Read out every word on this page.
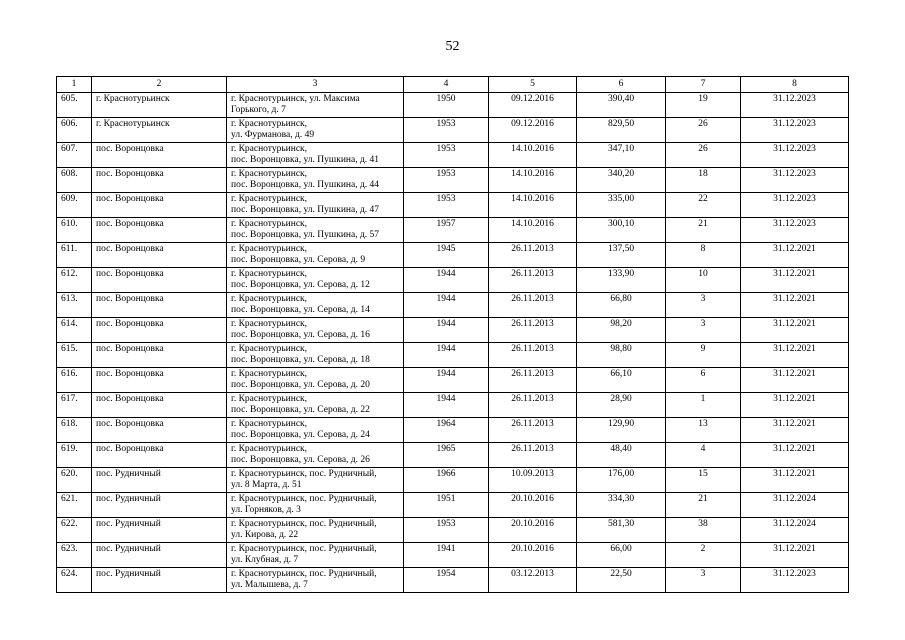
52
1	2	3	4	5	6	7	8
605.	г. Краснотурьинск	г. Краснотурьинск, ул. Максима
Горького, д. 7	1950	09.12.2016	390,40	19	31.12.2023
606.	г. Краснотурьинск	г. Краснотурьинск,
ул. Фурманова, д. 49	1953	09.12.2016	829,50	26	31.12.2023
607.	пос. Воронцовка	г. Краснотурьинск,
пос. Воронцовка, ул. Пушкина, д. 41	1953	14.10.2016	347,10	26	31.12.2023
608.	пос. Воронцовка	г. Краснотурьинск,
пос. Воронцовка, ул. Пушкина, д. 44	1953	14.10.2016	340,20	18	31.12.2023
609.	пос. Воронцовка	г. Краснотурьинск,
пос. Воронцовка, ул. Пушкина, д. 47	1953	14.10.2016	335,00	22	31.12.2023
610.	пос. Воронцовка	г. Краснотурьинск,
пос. Воронцовка, ул. Пушкина, д. 57	1957	14.10.2016	300,10	21	31.12.2023
611.	пос. Воронцовка	г. Краснотурьинск,
пос. Воронцовка, ул. Серова, д. 9	1945	26.11.2013	137,50	8	31.12.2021
612.	пос. Воронцовка	г. Краснотурьинск,
пос. Воронцовка, ул. Серова, д. 12	1944	26.11.2013	133,90	10	31.12.2021
613.	пос. Воронцовка	г. Краснотурьинск,
пос. Воронцовка, ул. Серова, д. 14	1944	26.11.2013	66,80	3	31.12.2021
614.	пос. Воронцовка	г. Краснотурьинск,
пос. Воронцовка, ул. Серова, д. 16	1944	26.11.2013	98,20	3	31.12.2021
615.	пос. Воронцовка	г. Краснотурьинск,
пос. Воронцовка, ул. Серова, д. 18	1944	26.11.2013	98,80	9	31.12.2021
616.	пос. Воронцовка	г. Краснотурьинск,
пос. Воронцовка, ул. Серова, д. 20	1944	26.11.2013	66,10	6	31.12.2021
617.	пос. Воронцовка	г. Краснотурьинск,
пос. Воронцовка, ул. Серова, д. 22	1944	26.11.2013	28,90	1	31.12.2021
618.	пос. Воронцовка	г. Краснотурьинск,
пос. Воронцовка, ул. Серова, д. 24	1964	26.11.2013	129,90	13	31.12.2021
619.	пос. Воронцовка	г. Краснотурьинск,
пос. Воронцовка, ул. Серова, д. 26	1965	26.11.2013	48,40	4	31.12.2021
620.	пос. Рудничный	г. Краснотурьинск, пос. Рудничный,
ул. 8 Марта, д. 51	1966	10.09.2013	176,00	15	31.12.2021
621.	пос. Рудничный	г. Краснотурьинск, пос. Рудничный,
ул. Горняков, д. 3	1951	20.10.2016	334,30	21	31.12.2024
622.	пос. Рудничный	г. Краснотурьинск, пос. Рудничный,
ул. Кирова, д. 22	1953	20.10.2016	581,30	38	31.12.2024
623.	пос. Рудничный	г. Краснотурьинск, пос. Рудничный,
ул. Клубная, д. 7	1941	20.10.2016	66,00	2	31.12.2021
624.	пос. Рудничный	г. Краснотурьинск, пос. Рудничный,
ул. Малышева, д. 7	1954	03.12.2013	22,50	3	31.12.2023
